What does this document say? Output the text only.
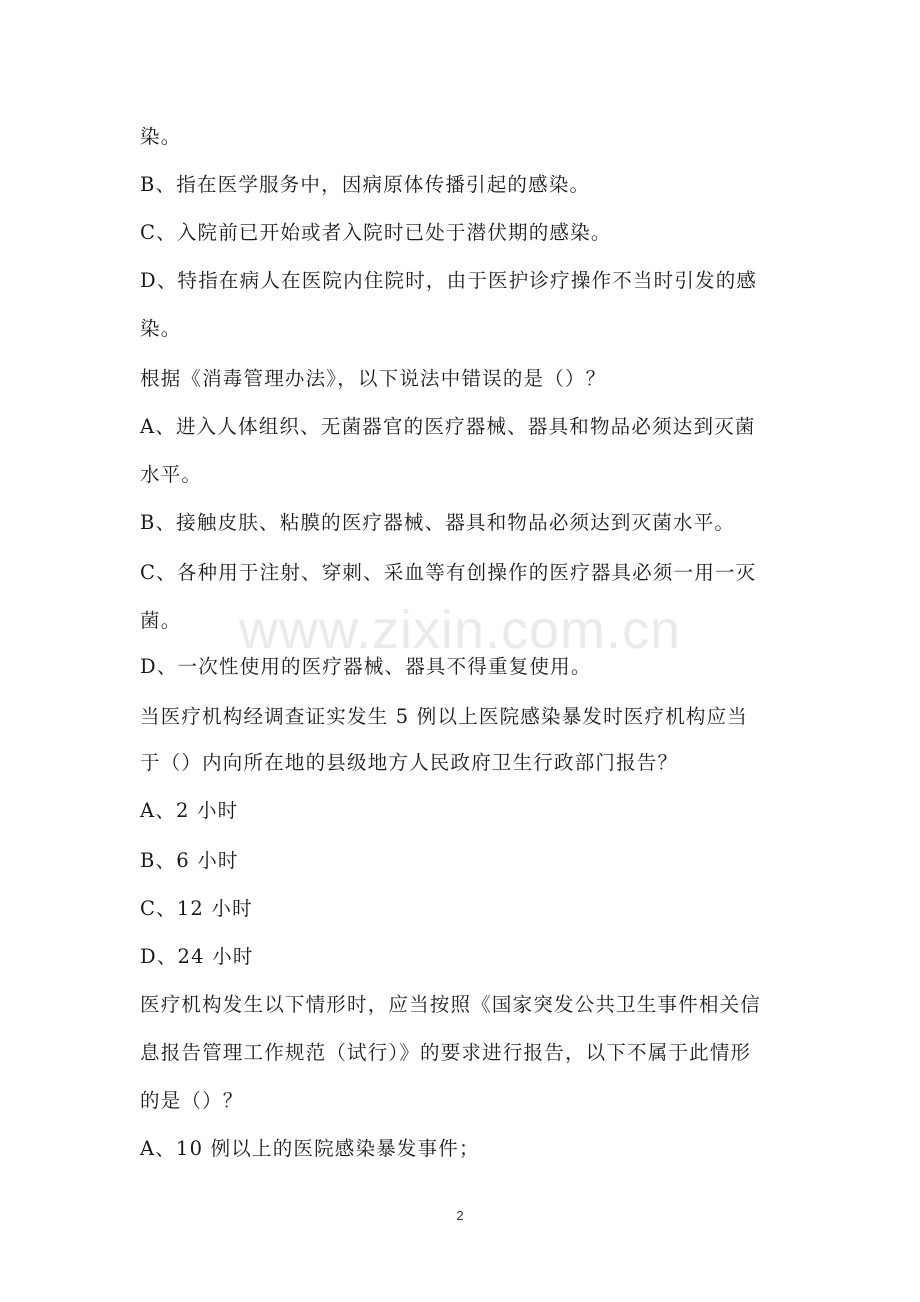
染。
B、指在医学服务中，因病原体传播引起的感染。
C、入院前已开始或者入院时已处于潜伏期的感染。
D、特指在病人在医院内住院时，由于医护诊疗操作不当时引发的感
染。
根据《消毒管理办法》，以下说法中错误的是（）？
A、进入人体组织、无菌器官的医疗器械、器具和物品必须达到灭菌
水平。
B、接触皮肤、粘膜的医疗器械、器具和物品必须达到灭菌水平。
C、各种用于注射、穿刺、采血等有创操作的医疗器具必须一用一灭
菌。
D、一次性使用的医疗器械、器具不得重复使用。
当医疗机构经调查证实发生 5 例以上医院感染暴发时医疗机构应当
于（）内向所在地的县级地方人民政府卫生行政部门报告？
A、2 小时
B、6 小时
C、12 小时
D、24 小时
医疗机构发生以下情形时，应当按照《国家突发公共卫生事件相关信
息报告管理工作规范（试行）》的要求进行报告，以下不属于此情形
的是（）？
A、10 例以上的医院感染暴发事件；
www.zixin.com.cn
2
